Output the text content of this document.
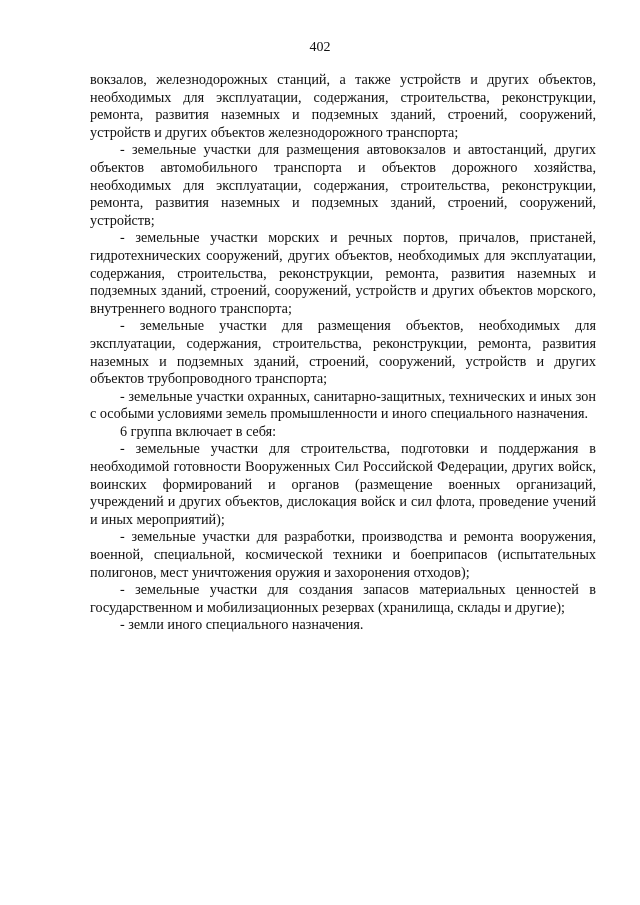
402

вокзалов, железнодорожных станций, а также устройств и других объектов, необходимых для эксплуатации, содержания, строительства, реконструкции, ремонта, развития наземных и подземных зданий, строений, сооружений, устройств и других объектов железнодорожного транспорта;

- земельные участки для размещения автовокзалов и автостанций, других объектов автомобильного транспорта и объектов дорожного хозяйства, необходимых для эксплуатации, содержания, строительства, реконструкции, ремонта, развития наземных и подземных зданий, строений, сооружений, устройств;

- земельные участки морских и речных портов, причалов, пристаней, гидротехнических сооружений, других объектов, необходимых для эксплуатации, содержания, строительства, реконструкции, ремонта, развития наземных и подземных зданий, строений, сооружений, устройств и других объектов морского, внутреннего водного транспорта;

- земельные участки для размещения объектов, необходимых для эксплуатации, содержания, строительства, реконструкции, ремонта, развития наземных и подземных зданий, строений, сооружений, устройств и других объектов трубопроводного транспорта;

- земельные участки охранных, санитарно-защитных, технических и иных зон с особыми условиями земель промышленности и иного специального назначения.

6 группа включает в себя:

- земельные участки для строительства, подготовки и поддержания в необходимой готовности Вооруженных Сил Российской Федерации, других войск, воинских формирований и органов (размещение военных организаций, учреждений и других объектов, дислокация войск и сил флота, проведение учений и иных мероприятий);

- земельные участки для разработки, производства и ремонта вооружения, военной, специальной, космической техники и боеприпасов (испытательных полигонов, мест уничтожения оружия и захоронения отходов);

- земельные участки для создания запасов материальных ценностей в государственном и мобилизационных резервах (хранилища, склады и другие);

- земли иного специального назначения.
